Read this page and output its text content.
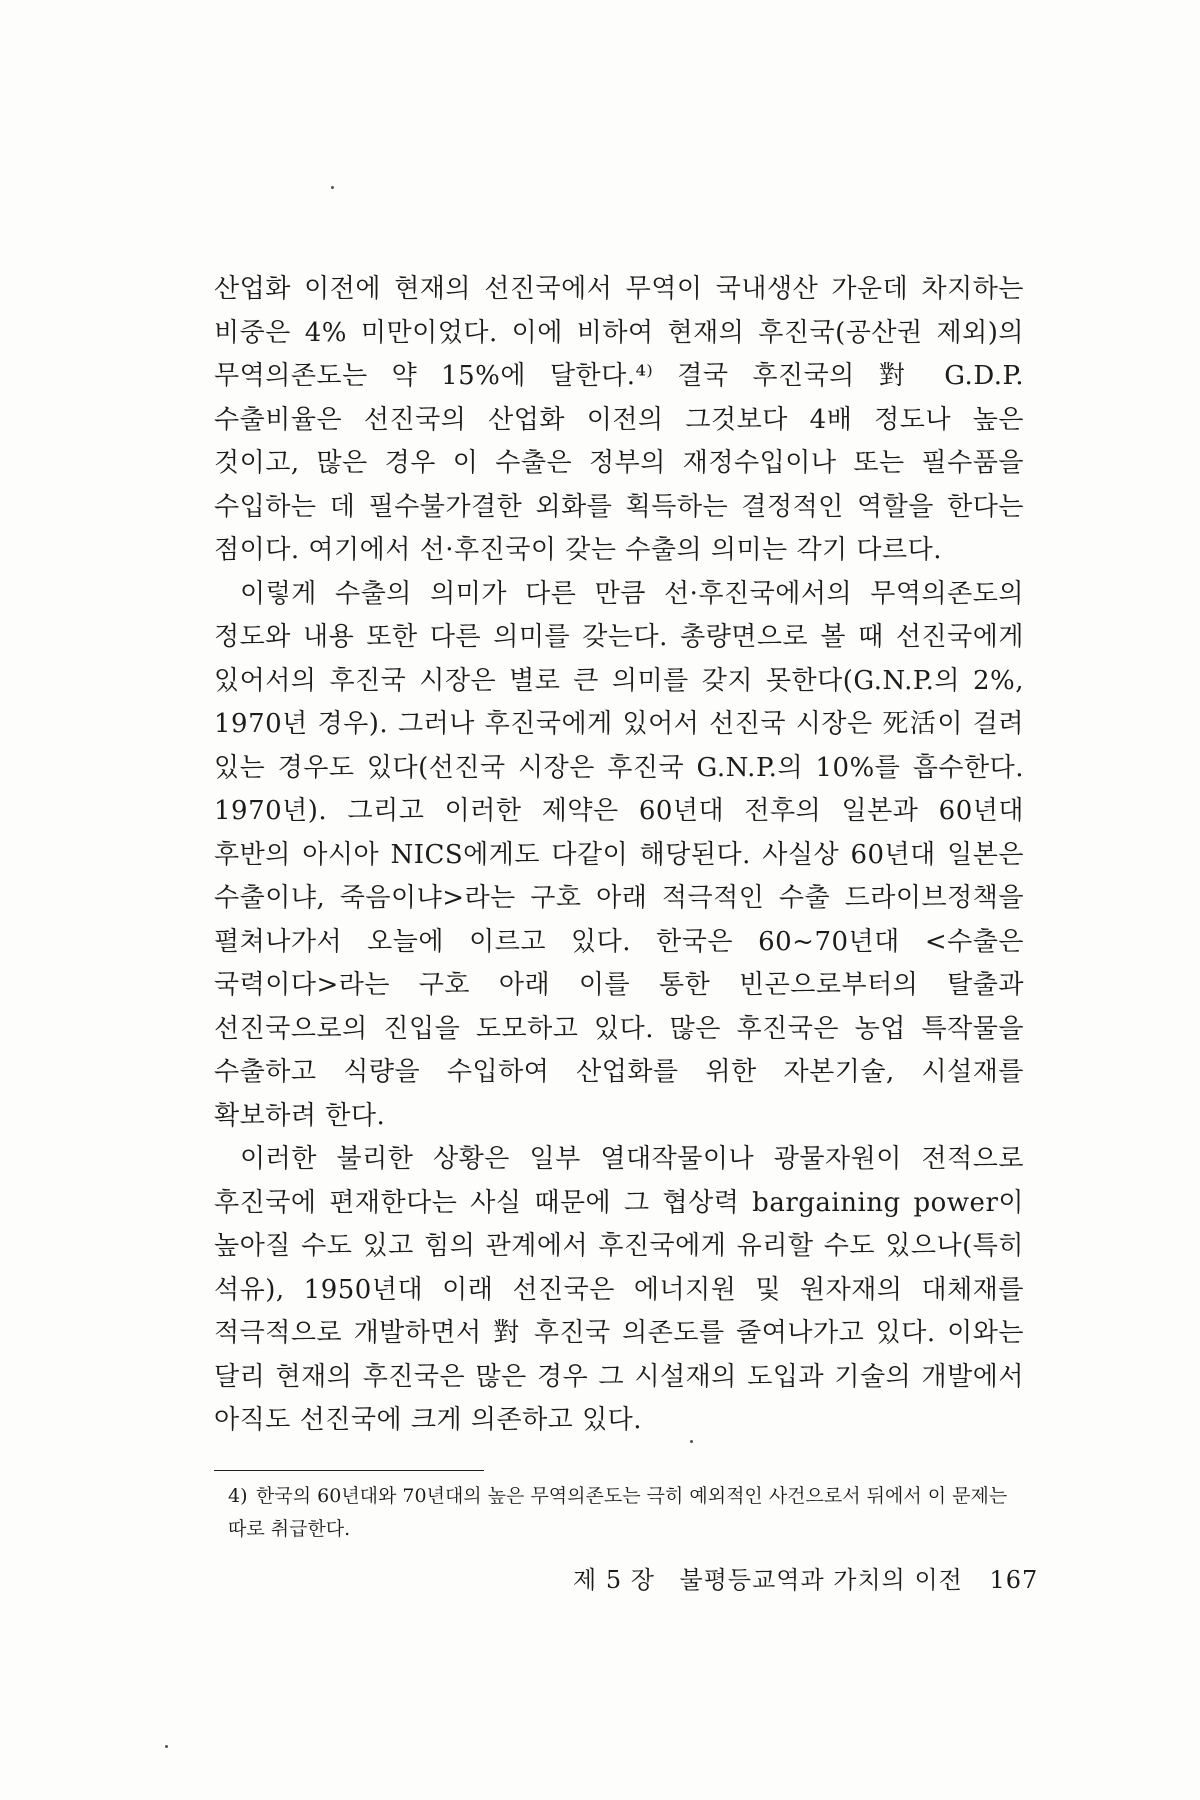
산업화 이전에 현재의 선진국에서 무역이 국내생산 가운데 차지하는 비중은 4% 미만이었다. 이에 비하여 현재의 후진국(공산권 제외)의 무역의존도는 약 15%에 달한다.⁴⁾ 결국 후진국의 對 G.D.P.수출비율은 선진국의 산업화 이전의 그것보다 4배 정도나 높은 것이고, 많은 경우 이 수출은 정부의 재정수입이나 또는 필수품을 수입하는 데 필수불가결한 외화를 획득하는 결정적인 역할을 한다는 점이다. 여기에서 선·후진국이 갖는 수출의 의미는 각기 다르다.

이렇게 수출의 의미가 다른 만큼 선·후진국에서의 무역의존도의 정도와 내용 또한 다른 의미를 갖는다. 총량면으로 볼 때 선진국에게 있어서의 후진국 시장은 별로 큰 의미를 갖지 못한다(G.N.P.의 2%, 1970년 경우). 그러나 후진국에게 있어서 선진국 시장은 死活이 걸려 있는 경우도 있다(선진국 시장은 후진국 G.N.P.의 10%를 흡수한다. 1970년). 그리고 이러한 제약은 60년대 전후의 일본과 60년대 후반의 아시아 NICS에게도 다같이 해당된다. 사실상 60년대 일본은 수출이냐, 죽음이냐>라는 구호 아래 적극적인 수출 드라이브정책을 펼쳐나가서 오늘에 이르고 있다. 한국은 60~70년대 <수출은 국력이다>라는 구호 아래 이를 통한 빈곤으로부터의 탈출과 선진국으로의 진입을 도모하고 있다. 많은 후진국은 농업 특작물을 수출하고 식량을 수입하여 산업화를 위한 자본기술, 시설재를 확보하려 한다.

이러한 불리한 상황은 일부 열대작물이나 광물자원이 전적으로 후진국에 편재한다는 사실 때문에 그 협상력 bargaining power이 높아질 수도 있고 힘의 관계에서 후진국에게 유리할 수도 있으나(특히 석유), 1950년대 이래 선진국은 에너지원 및 원자재의 대체재를 적극적으로 개발하면서 對 후진국 의존도를 줄여나가고 있다. 이와는 달리 현재의 후진국은 많은 경우 그 시설재의 도입과 기술의 개발에서 아직도 선진국에 크게 의존하고 있다.

4) 한국의 60년대와 70년대의 높은 무역의존도는 극히 예외적인 사건으로서 뒤에서 이 문제는 따로 취급한다.
제 5 장 불평등교역과 가치의 이전 167
